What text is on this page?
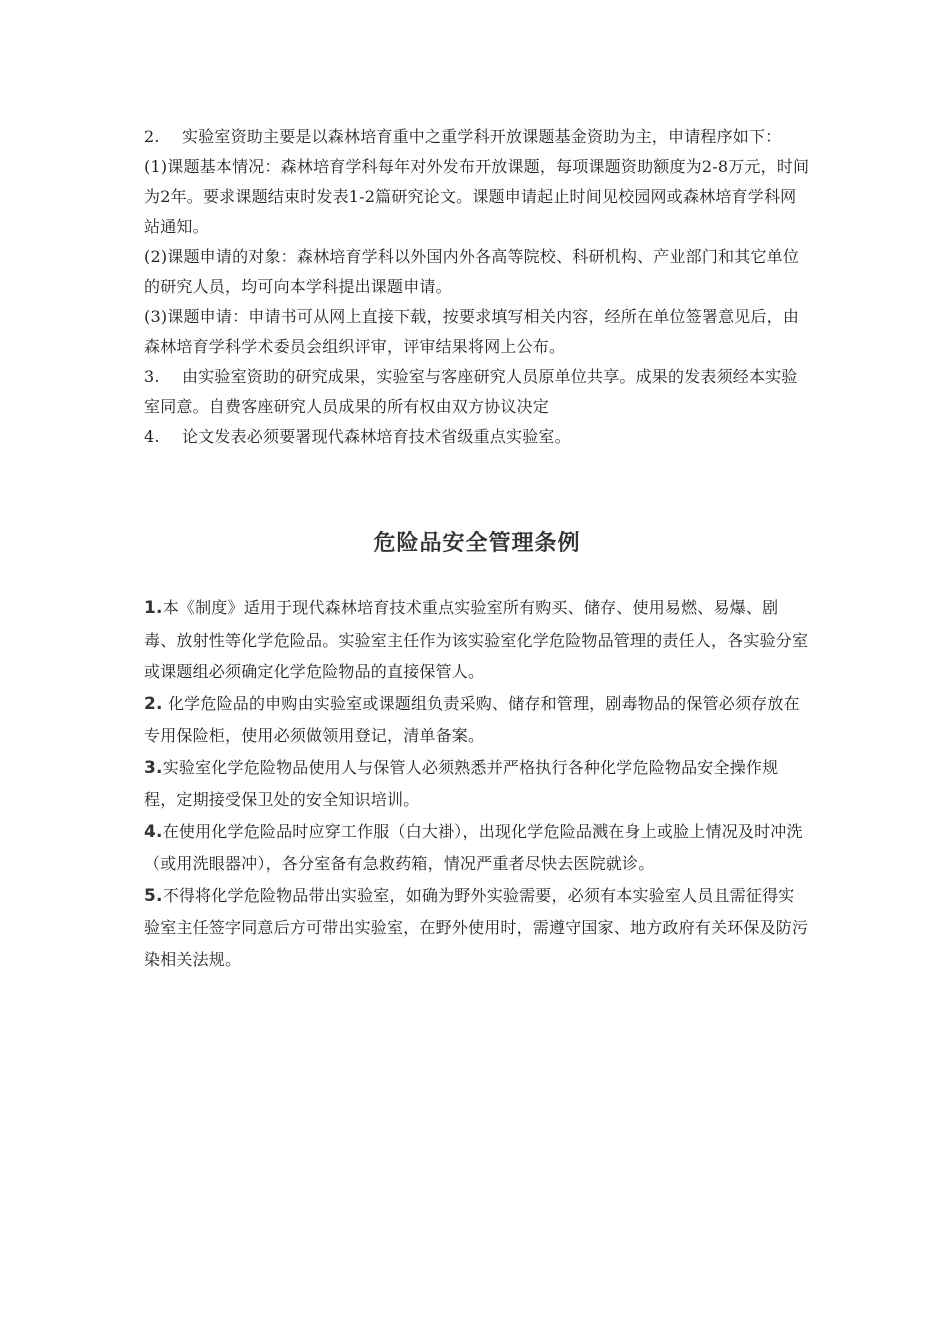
2. 实验室资助主要是以森林培育重中之重学科开放课题基金资助为主，申请程序如下：

(1)课题基本情况：森林培育学科每年对外发布开放课题，每项课题资助额度为2-8万元，时间为2年。要求课题结束时发表1-2篇研究论文。课题申请起止时间见校园网或森林培育学科网站通知。

(2)课题申请的对象：森林培育学科以外国内外各高等院校、科研机构、产业部门和其它单位的研究人员，均可向本学科提出课题申请。

(3)课题申请：申请书可从网上直接下载，按要求填写相关内容，经所在单位签署意见后，由森林培育学科学术委员会组织评审，评审结果将网上公布。

3. 由实验室资助的研究成果，实验室与客座研究人员原单位共享。成果的发表须经本实验室同意。自费客座研究人员成果的所有权由双方协议决定

4. 论文发表必须要署现代森林培育技术省级重点实验室。

危险品安全管理条例

1.本《制度》适用于现代森林培育技术重点实验室所有购买、储存、使用易燃、易爆、剧毒、放射性等化学危险品。实验室主任作为该实验室化学危险物品管理的责任人，各实验分室或课题组必须确定化学危险物品的直接保管人。

2. 化学危险品的申购由实验室或课题组负责采购、储存和管理，剧毒物品的保管必须存放在专用保险柜，使用必须做领用登记，清单备案。

3.实验室化学危险物品使用人与保管人必须熟悉并严格执行各种化学危险物品安全操作规程，定期接受保卫处的安全知识培训。

4.在使用化学危险品时应穿工作服（白大褂），出现化学危险品溅在身上或脸上情况及时冲洗（或用洗眼器冲），各分室备有急救药箱，情况严重者尽快去医院就诊。

5.不得将化学危险物品带出实验室，如确为野外实验需要，必须有本实验室人员且需征得实验室主任签字同意后方可带出实验室，在野外使用时，需遵守国家、地方政府有关环保及防污染相关法规。
